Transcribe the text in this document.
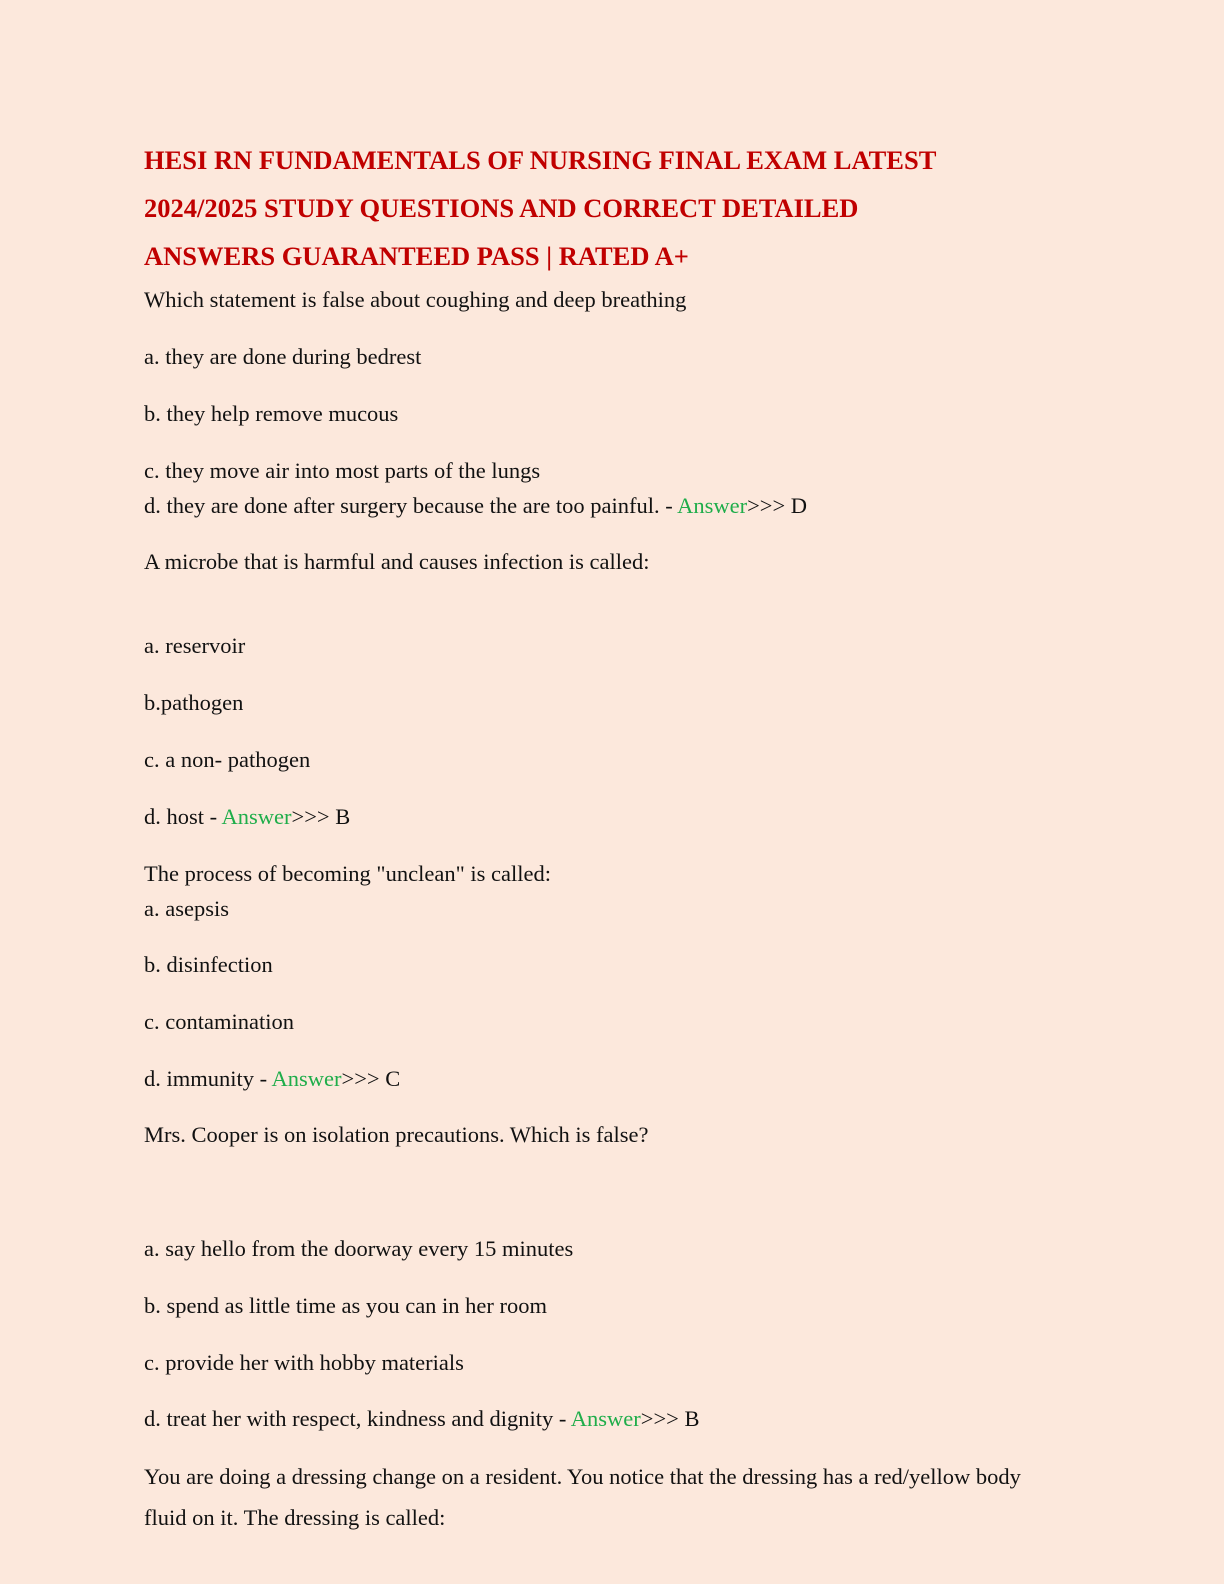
HESI RN FUNDAMENTALS OF NURSING FINAL EXAM LATEST

2024/2025 STUDY QUESTIONS AND CORRECT DETAILED

ANSWERS GUARANTEED PASS | RATED A+

Which statement is false about coughing and deep breathing

a. they are done during bedrest

b. they help remove mucous

c. they move air into most parts of the lungs

d. they are done after surgery because the are too painful. - Answer>>> D

A microbe that is harmful and causes infection is called:

a. reservoir

b.pathogen

c. a non- pathogen

d. host - Answer>>> B

The process of becoming "unclean" is called:

a. asepsis

b. disinfection

c. contamination

d. immunity - Answer>>> C

Mrs. Cooper is on isolation precautions. Which is false?

a. say hello from the doorway every 15 minutes

b. spend as little time as you can in her room

c. provide her with hobby materials

d. treat her with respect, kindness and dignity - Answer>>> B

You are doing a dressing change on a resident. You notice that the dressing has a red/yellow body fluid on it. The dressing is called:
